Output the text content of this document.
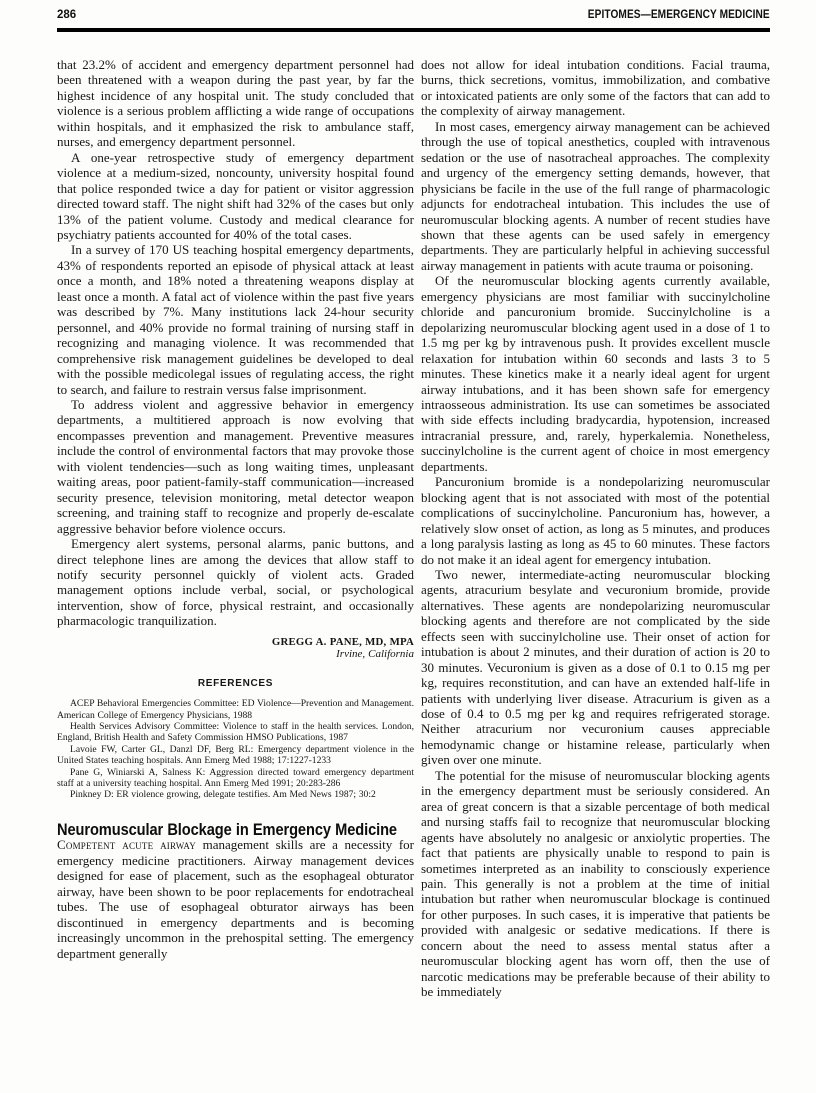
286	EPITOMES—EMERGENCY MEDICINE

that 23.2% of accident and emergency department personnel had been threatened with a weapon during the past year, by far the highest incidence of any hospital unit. The study concluded that violence is a serious problem afflicting a wide range of occupations within hospitals, and it emphasized the risk to ambulance staff, nurses, and emergency department personnel.

A one-year retrospective study of emergency department violence at a medium-sized, noncounty, university hospital found that police responded twice a day for patient or visitor aggression directed toward staff. The night shift had 32% of the cases but only 13% of the patient volume. Custody and medical clearance for psychiatry patients accounted for 40% of the total cases.

In a survey of 170 US teaching hospital emergency departments, 43% of respondents reported an episode of physical attack at least once a month, and 18% noted a threatening weapons display at least once a month. A fatal act of violence within the past five years was described by 7%. Many institutions lack 24-hour security personnel, and 40% provide no formal training of nursing staff in recognizing and managing violence. It was recommended that comprehensive risk management guidelines be developed to deal with the possible medicolegal issues of regulating access, the right to search, and failure to restrain versus false imprisonment.

To address violent and aggressive behavior in emergency departments, a multitiered approach is now evolving that encompasses prevention and management. Preventive measures include the control of environmental factors that may provoke those with violent tendencies—such as long waiting times, unpleasant waiting areas, poor patient-family-staff communication—increased security presence, television monitoring, metal detector weapon screening, and training staff to recognize and properly de-escalate aggressive behavior before violence occurs.

Emergency alert systems, personal alarms, panic buttons, and direct telephone lines are among the devices that allow staff to notify security personnel quickly of violent acts. Graded management options include verbal, social, or psychological intervention, show of force, physical restraint, and occasionally pharmacologic tranquilization.

GREGG A. PANE, MD, MPA
Irvine, California
REFERENCES

ACEP Behavioral Emergencies Committee: ED Violence—Prevention and Management. American College of Emergency Physicians, 1988

Health Services Advisory Committee: Violence to staff in the health services. London, England, British Health and Safety Commission HMSO Publications, 1987

Lavoie FW, Carter GL, Danzl DF, Berg RL: Emergency department violence in the United States teaching hospitals. Ann Emerg Med 1988; 17:1227-1233

Pane G, Winiarski A, Salness K: Aggression directed toward emergency department staff at a university teaching hospital. Ann Emerg Med 1991; 20:283-286

Pinkney D: ER violence growing, delegate testifies. Am Med News 1987; 30:2

Neuromuscular Blockage in Emergency Medicine

Competent acute airway management skills are a necessity for emergency medicine practitioners. Airway management devices designed for ease of placement, such as the esophageal obturator airway, have been shown to be poor replacements for endotracheal tubes. The use of esophageal obturator airways has been discontinued in emergency departments and is becoming increasingly uncommon in the prehospital setting. The emergency department generally

does not allow for ideal intubation conditions. Facial trauma, burns, thick secretions, vomitus, immobilization, and combative or intoxicated patients are only some of the factors that can add to the complexity of airway management.

In most cases, emergency airway management can be achieved through the use of topical anesthetics, coupled with intravenous sedation or the use of nasotracheal approaches. The complexity and urgency of the emergency setting demands, however, that physicians be facile in the use of the full range of pharmacologic adjuncts for endotracheal intubation. This includes the use of neuromuscular blocking agents. A number of recent studies have shown that these agents can be used safely in emergency departments. They are particularly helpful in achieving successful airway management in patients with acute trauma or poisoning.

Of the neuromuscular blocking agents currently available, emergency physicians are most familiar with succinylcholine chloride and pancuronium bromide. Succinylcholine is a depolarizing neuromuscular blocking agent used in a dose of 1 to 1.5 mg per kg by intravenous push. It provides excellent muscle relaxation for intubation within 60 seconds and lasts 3 to 5 minutes. These kinetics make it a nearly ideal agent for urgent airway intubations, and it has been shown safe for emergency intraosseous administration. Its use can sometimes be associated with side effects including bradycardia, hypotension, increased intracranial pressure, and, rarely, hyperkalemia. Nonetheless, succinylcholine is the current agent of choice in most emergency departments.

Pancuronium bromide is a nondepolarizing neuromuscular blocking agent that is not associated with most of the potential complications of succinylcholine. Pancuronium has, however, a relatively slow onset of action, as long as 5 minutes, and produces a long paralysis lasting as long as 45 to 60 minutes. These factors do not make it an ideal agent for emergency intubation.

Two newer, intermediate-acting neuromuscular blocking agents, atracurium besylate and vecuronium bromide, provide alternatives. These agents are nondepolarizing neuromuscular blocking agents and therefore are not complicated by the side effects seen with succinylcholine use. Their onset of action for intubation is about 2 minutes, and their duration of action is 20 to 30 minutes. Vecuronium is given as a dose of 0.1 to 0.15 mg per kg, requires reconstitution, and can have an extended half-life in patients with underlying liver disease. Atracurium is given as a dose of 0.4 to 0.5 mg per kg and requires refrigerated storage. Neither atracurium nor vecuronium causes appreciable hemodynamic change or histamine release, particularly when given over one minute.

The potential for the misuse of neuromuscular blocking agents in the emergency department must be seriously considered. An area of great concern is that a sizable percentage of both medical and nursing staffs fail to recognize that neuromuscular blocking agents have absolutely no analgesic or anxiolytic properties. The fact that patients are physically unable to respond to pain is sometimes interpreted as an inability to consciously experience pain. This generally is not a problem at the time of initial intubation but rather when neuromuscular blockage is continued for other purposes. In such cases, it is imperative that patients be provided with analgesic or sedative medications. If there is concern about the need to assess mental status after a neuromuscular blocking agent has worn off, then the use of narcotic medications may be preferable because of their ability to be immediately
